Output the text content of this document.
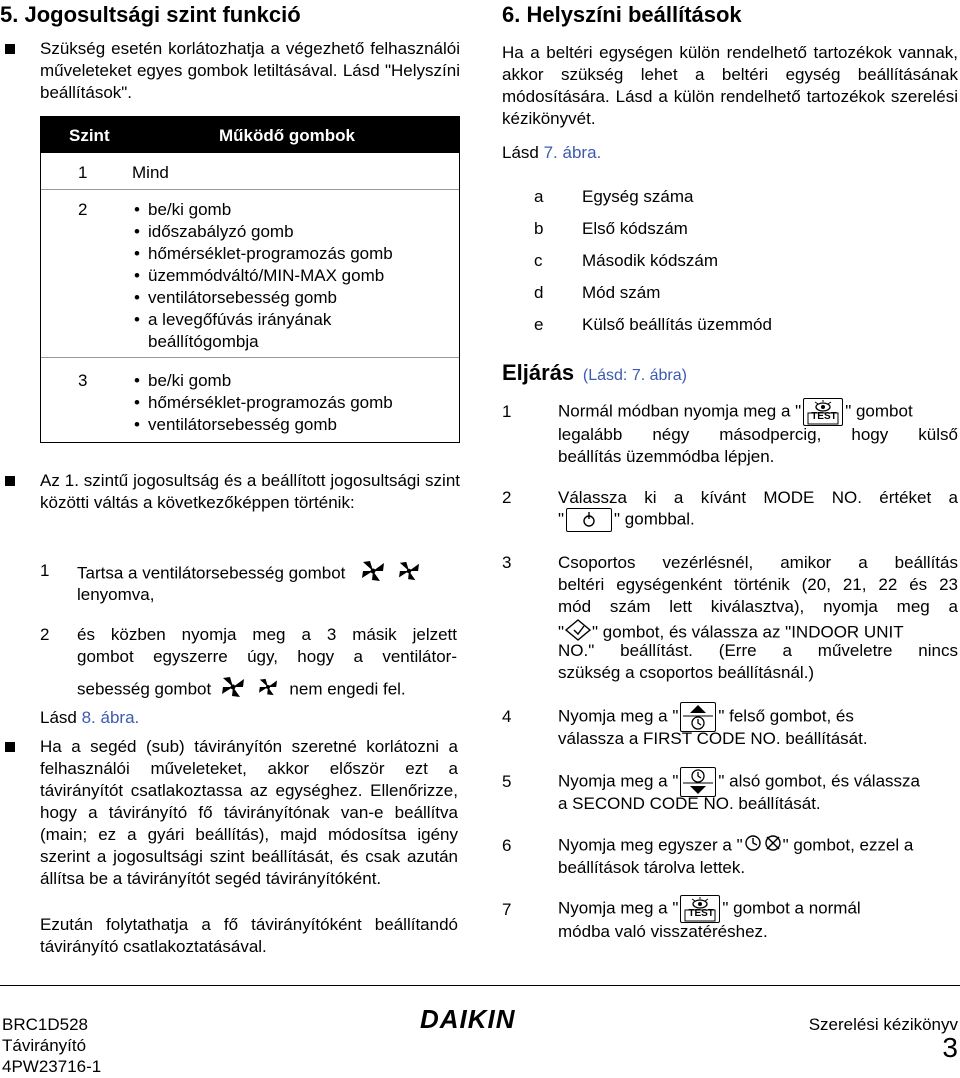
5. Jogosultsági szint funkció
Szükség esetén korlátozhatja a végezhető felhasználói műveleteket egyes gombok letiltásával. Lásd "Helyszíni beállítások".
Szint	Működő gombok
1	Mind
2	• be/ki gomb
• időszabályzó gomb
• hőmérséklet-programozás gomb
• üzemmódváltó/MIN-MAX gomb
• ventilátorsebesség gomb
• a levegőfúvás irányának
beállítógombja
3	• be/ki gomb
• hőmérséklet-programozás gomb
• ventilátorsebesség gomb
Az 1. szintű jogosultság és a beállított jogosultsági szint közötti váltás a következőképpen történik:
1 Tartsa a ventilátorsebesség gombot
lenyomva,
2 és közben nyomja meg a 3 másik jelzett
gombot egyszerre úgy, hogy a ventilátor-
sebesség gombot	nem engedi fel.
Lásd 8. ábra.
Ha a segéd (sub) távirányítón szeretné korlátozni a felhasználói műveleteket, akkor először ezt a távirányítót csatlakoztassa az egységhez. Ellenőrizze, hogy a távirányító fő távirányítónak van-e beállítva (main; ez a gyári beállítás), majd módosítsa igény szerint a jogosultsági szint beállítását, és csak azután állítsa be a távirányítót segéd távirányítóként.
Ezután folytathatja a fő távirányítóként beállítandó távirányító csatlakoztatásával.
6. Helyszíni beállítások
Ha a beltéri egységen külön rendelhető tartozékok vannak, akkor szükség lehet a beltéri egység beállításának módosítására. Lásd a külön rendelhető tartozékok szerelési kézikönyvét.
Lásd 7. ábra.
a Egység száma
b Első kódszám
c Második kódszám
d Mód szám
e Külső beállítás üzemmód
Eljárás (Lásd: 7. ábra)
1	Normál módban nyomja meg a " TEST " gombot
legalább négy másodpercig, hogy külső
beállítás üzemmódba lépjen.
2	Válassza ki a kívánt MODE NO. értéket a
"	" gombbal.
3	Csoportos vezérlésnél, amikor a beállítás
beltéri egységenként történik (20, 21, 22 és 23
mód szám lett kiválasztva), nyomja meg a
" " gombot, és válassza az "INDOOR UNIT
NO." beállítást. (Erre a műveletre nincs
szükség a csoportos beállításnál.)
4	Nyomja meg a " " felső gombot, és
válassza a FIRST CODE NO. beállítását.
5	Nyomja meg a " " alsó gombot, és válassza
a SECOND CODE NO. beállítását.
6	Nyomja meg egyszer a " " gombot, ezzel a
beállítások tárolva lettek.
7	Nyomja meg a " TEST " gombot a normál
módba való visszatéréshez.
BRC1D528
Távirányító
4PW23716-1
DAIKIN	Szerelési kézikönyv
3
